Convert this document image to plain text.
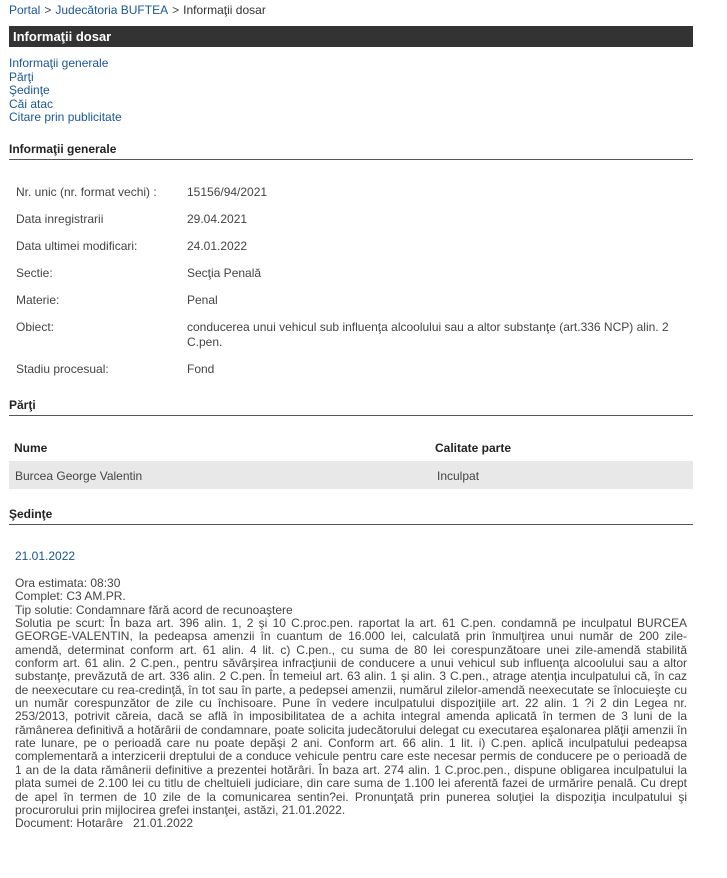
Portal > Judecătoria BUFTEA > Informaţii dosar
Informaţii dosar
Informaţii generale
Părţi
Şedinţe
Căi atac
Citare prin publicitate
Informaţii generale
Nr. unic (nr. format vechi) :	15156/94/2021
Data inregistrarii	29.04.2021
Data ultimei modificari:	24.01.2022
Sectie:	Secţia Penală
Materie:	Penal
Obiect:	conducerea unui vehicul sub influenţa alcoolului sau a altor substanţe (art.336 NCP) alin. 2 C.pen.
Stadiu procesual:	Fond
Părţi
Nume	Calitate parte
Burcea George Valentin	Inculpat
Şedinţe
21.01.2022
Ora estimata: 08:30
Complet: C3 AM.PR.
Tip solutie: Condamnare fără acord de recunoaştere
Solutia pe scurt: În baza art. 396 alin. 1, 2 şi 10 C.proc.pen. raportat la art. 61 C.pen. condamnă pe inculpatul BURCEA GEORGE-VALENTIN, la pedeapsa amenzii în cuantum de 16.000 lei, calculată prin înmulţirea unui număr de 200 zile-amendă, determinat conform art. 61 alin. 4 lit. c) C.pen., cu suma de 80 lei corespunzătoare unei zile-amendă stabilită conform art. 61 alin. 2 C.pen., pentru săvârşirea infracţiunii de conducere a unui vehicul sub influenţa alcoolului sau a altor substanţe, prevăzută de art. 336 alin. 2 C.pen. În temeiul art. 63 alin. 1 şi alin. 3 C.pen., atrage atenţia inculpatului că, în caz de neexecutare cu rea-credinţă, în tot sau în parte, a pedepsei amenzii, numărul zilelor-amendă neexecutate se înlocuieşte cu un număr corespunzător de zile cu închisoare. Pune în vedere inculpatului dispoziţiile art. 22 alin. 1 ?i 2 din Legea nr. 253/2013, potrivit căreia, dacă se află în imposibilitatea de a achita integral amenda aplicată în termen de 3 luni de la rămânerea definitivă a hotărârii de condamnare, poate solicita judecătorului delegat cu executarea eşalonarea plăţii amenzii în rate lunare, pe o perioadă care nu poate depăşi 2 ani. Conform art. 66 alin. 1 lit. i) C.pen. aplică inculpatului pedeapsa complementară a interzicerii dreptului de a conduce vehicule pentru care este necesar permis de conducere pe o perioadă de 1 an de la data rămânerii definitive a prezentei hotărâri. În baza art. 274 alin. 1 C.proc.pen., dispune obligarea inculpatului la plata sumei de 2.100 lei cu titlu de cheltuieli judiciare, din care suma de 1.100 lei aferentă fazei de urmărire penală. Cu drept de apel în termen de 10 zile de la comunicarea sentin?ei. Pronunţată prin punerea soluţiei la dispoziţia inculpatului şi procurorului prin mijlocirea grefei instanţei, astăzi, 21.01.2022.
Document: Hotarâre   21.01.2022
